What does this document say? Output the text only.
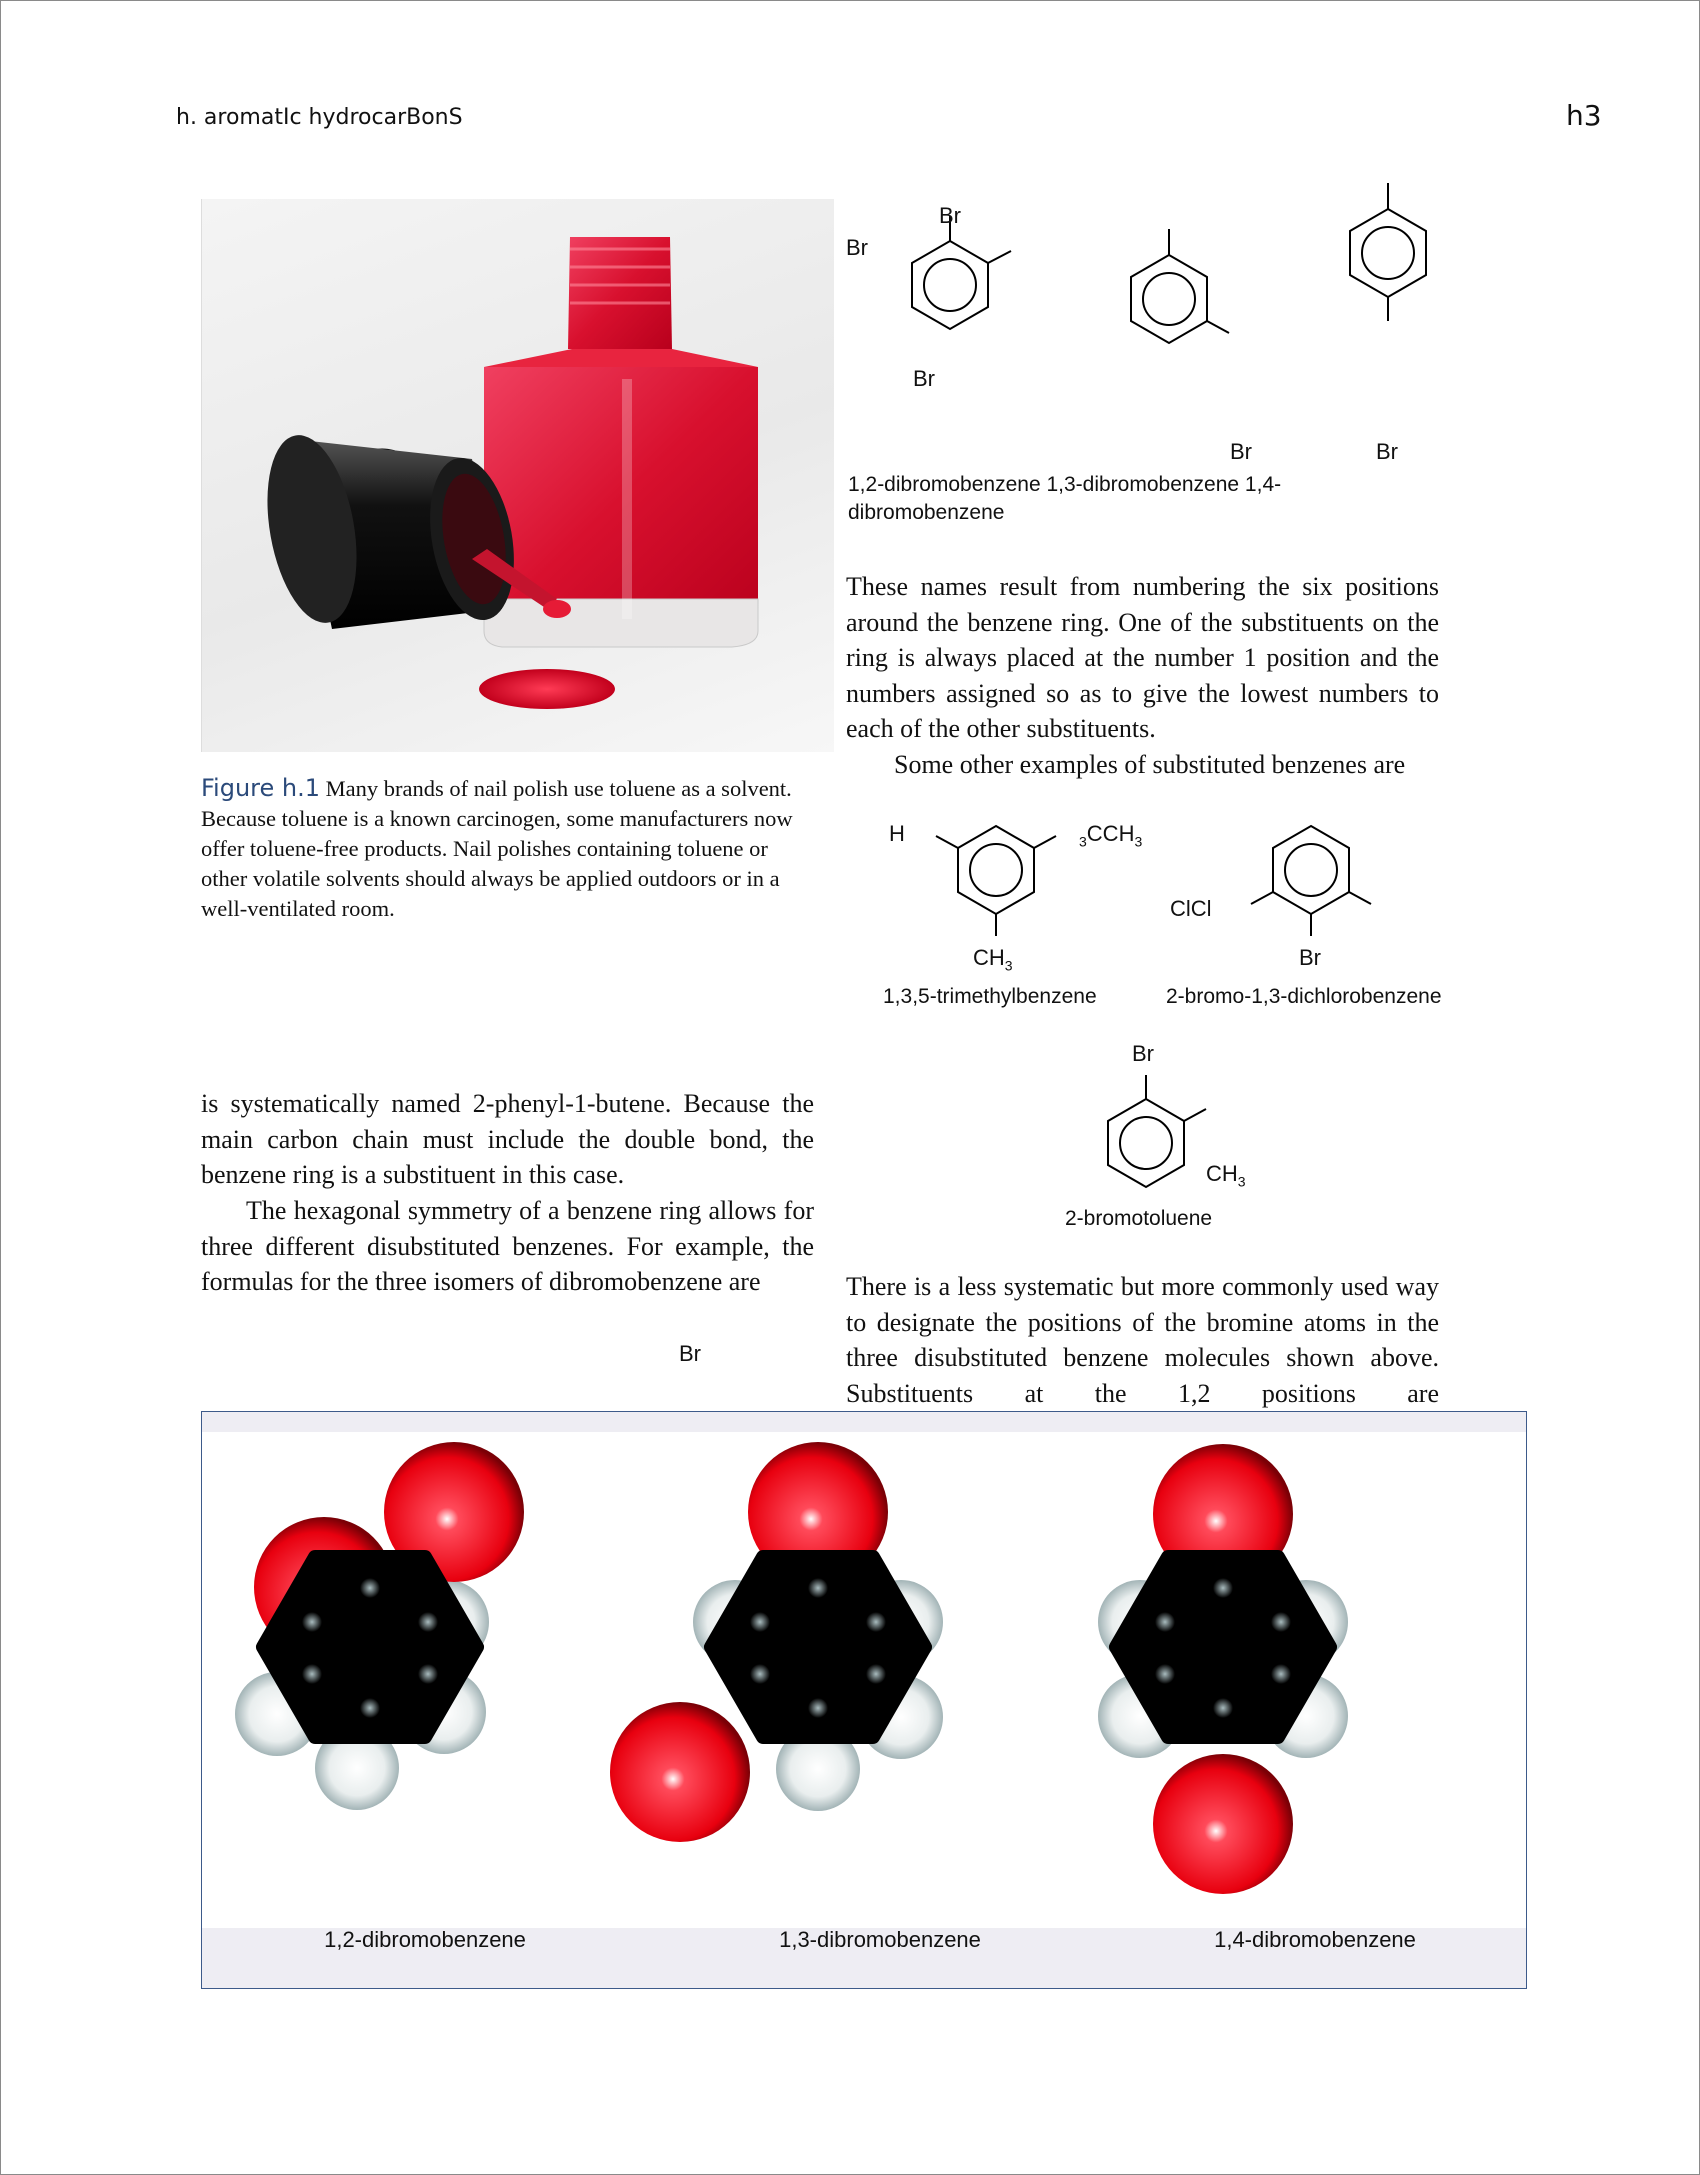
h. aromatIc hydrocarBonS	h3
Figure h.1 Many brands of nail polish use toluene as a solvent. Because toluene is a known carcinogen, some manufacturers now offer toluene-free products. Nail polishes containing toluene or other volatile solvents should always be applied outdoors or in a well-ventilated room.
Br
Br
Br
Br	Br
1,2-dibromobenzene 1,3-dibromobenzene 1,4-
dibromobenzene
These names result from numbering the six positions around the benzene ring. One of the substituents on the ring is always placed at the number 1 position and the numbers assigned so as to give the lowest numbers to each of the other substituents.
Some other examples of substituted benzenes are
H	$_3CCH_3$
$CH_3$
1,3,5-trimethylbenzene
ClCl
Br
2-bromo-1,3-dichlorobenzene
Br
$CH_3$
2-bromotoluene
is systematically named 2-phenyl-1-butene. Because the main carbon chain must include the double bond, the benzene ring is a substituent in this case.
The hexagonal symmetry of a benzene ring allows for three different disubstituted benzenes. For example, the formulas for the three isomers of dibromobenzene are
Br
There is a less systematic but more commonly used way to designate the positions of the bromine atoms in the three disubstituted benzene molecules shown above. Substituents at the 1,2 positions are
1,2-dibromobenzene	1,3-dibromobenzene	1,4-dibromobenzene
